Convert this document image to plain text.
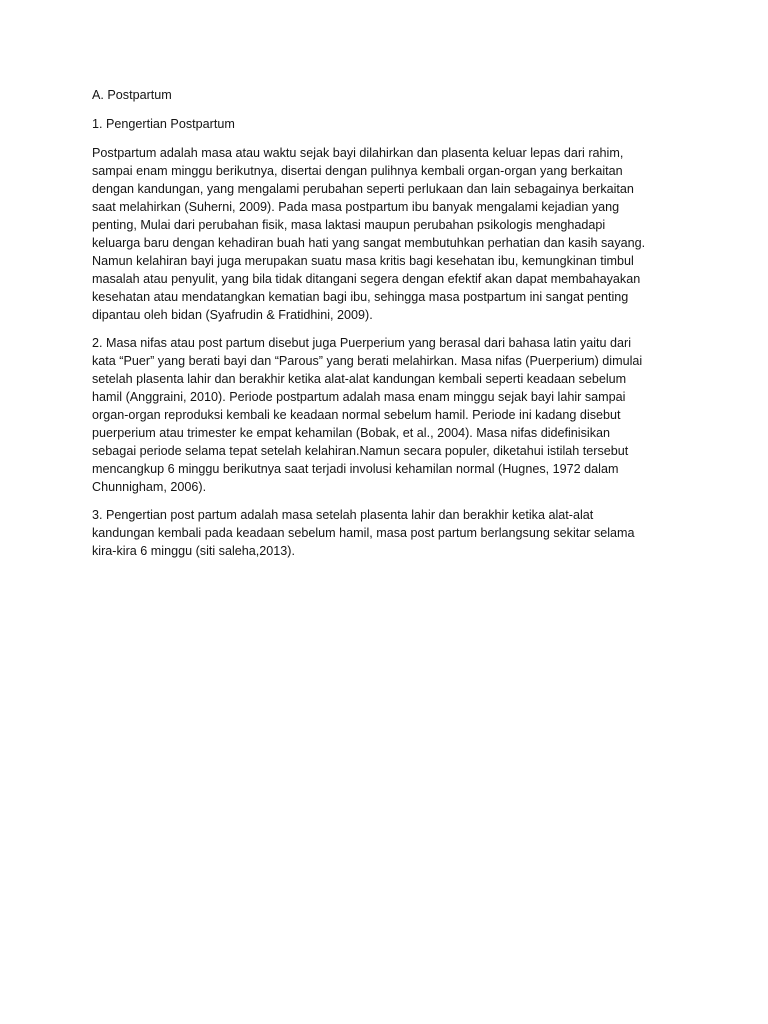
A. Postpartum
1. Pengertian Postpartum
Postpartum adalah masa atau waktu sejak bayi dilahirkan dan plasenta keluar lepas dari rahim,
sampai enam minggu berikutnya, disertai dengan pulihnya kembali organ-organ yang berkaitan
dengan kandungan, yang mengalami perubahan seperti perlukaan dan lain sebagainya berkaitan
saat melahirkan (Suherni, 2009). Pada masa postpartum ibu banyak mengalami kejadian yang
penting, Mulai dari perubahan fisik, masa laktasi maupun perubahan psikologis menghadapi
keluarga baru dengan kehadiran buah hati yang sangat membutuhkan perhatian dan kasih sayang.
Namun kelahiran bayi juga merupakan suatu masa kritis bagi kesehatan ibu, kemungkinan timbul
masalah atau penyulit, yang bila tidak ditangani segera dengan efektif akan dapat membahayakan
kesehatan atau mendatangkan kematian bagi ibu, sehingga masa postpartum ini sangat penting
dipantau oleh bidan (Syafrudin & Fratidhini, 2009).
2. Masa nifas atau post partum disebut juga Puerperium yang berasal dari bahasa latin yaitu dari
kata “Puer” yang berati bayi dan “Parous” yang berati melahirkan. Masa nifas (Puerperium) dimulai
setelah plasenta lahir dan berakhir ketika alat-alat kandungan kembali seperti keadaan sebelum
hamil (Anggraini, 2010). Periode postpartum adalah masa enam minggu sejak bayi lahir sampai
organ-organ reproduksi kembali ke keadaan normal sebelum hamil. Periode ini kadang disebut
puerperium atau trimester ke empat kehamilan (Bobak, et al., 2004). Masa nifas didefinisikan
sebagai periode selama tepat setelah kelahiran.Namun secara populer, diketahui istilah tersebut
mencangkup 6 minggu berikutnya saat terjadi involusi kehamilan normal (Hugnes, 1972 dalam
Chunnigham, 2006).
3. Pengertian post partum adalah masa setelah plasenta lahir dan berakhir ketika alat-alat
kandungan kembali pada keadaan sebelum hamil, masa post partum berlangsung sekitar selama
kira-kira 6 minggu (siti saleha,2013).
